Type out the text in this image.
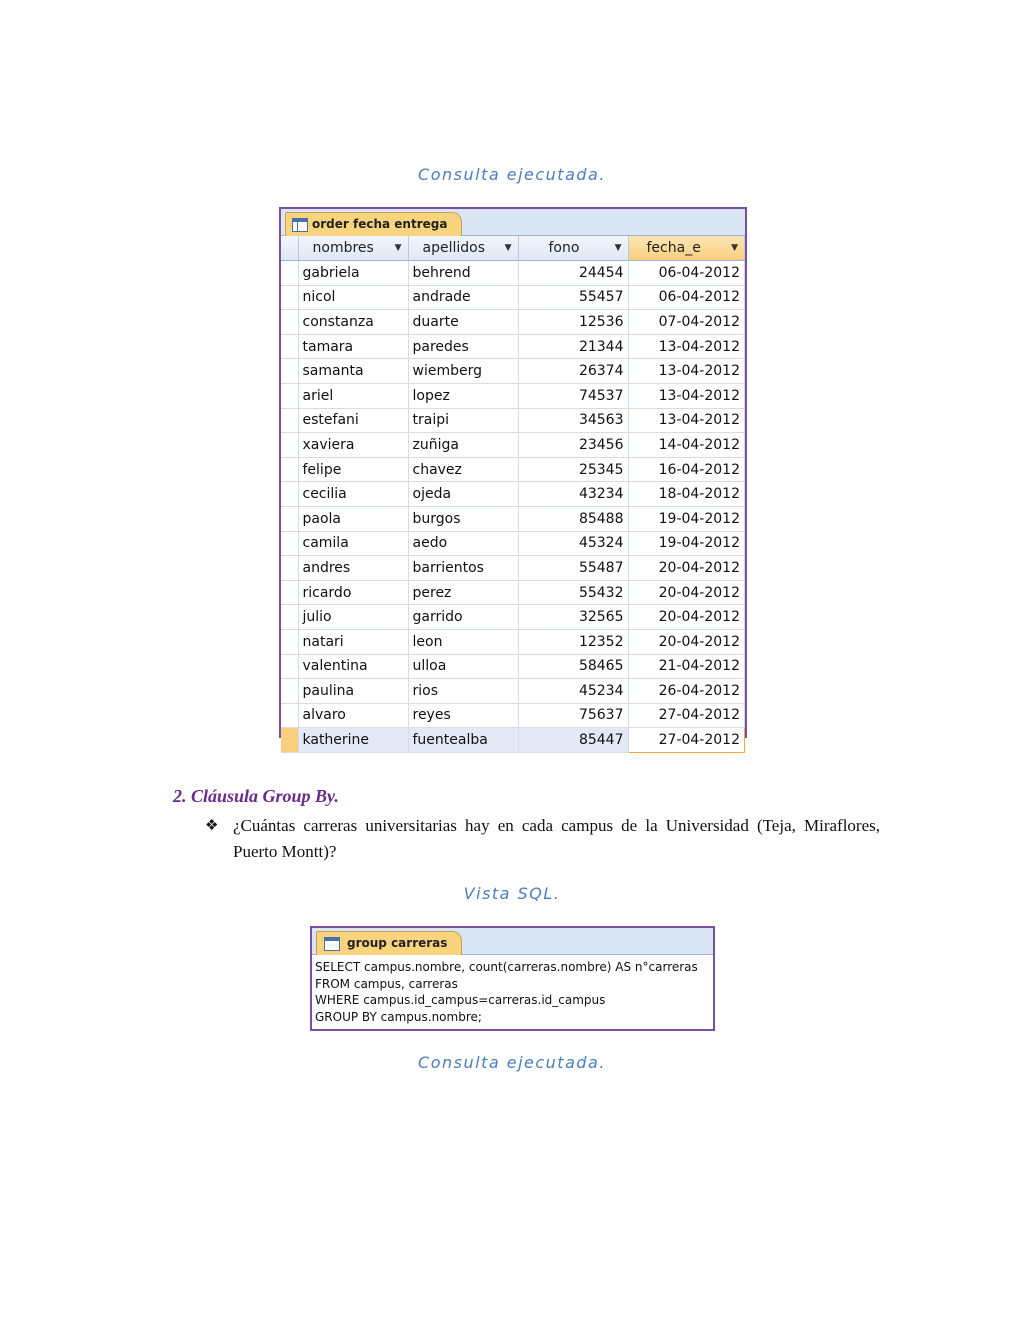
Consulta ejecutada.
order fecha entrega
	nombres ▼	apellidos ▼	fono ▼	fecha_e ▼

	gabriela	behrend	24454	06-04-2012
	nicol	andrade	55457	06-04-2012
	constanza	duarte	12536	07-04-2012
	tamara	paredes	21344	13-04-2012
	samanta	wiemberg	26374	13-04-2012
	ariel	lopez	74537	13-04-2012
	estefani	traipi	34563	13-04-2012
	xaviera	zuñiga	23456	14-04-2012
	felipe	chavez	25345	16-04-2012
	cecilia	ojeda	43234	18-04-2012
	paola	burgos	85488	19-04-2012
	camila	aedo	45324	19-04-2012
	andres	barrientos	55487	20-04-2012
	ricardo	perez	55432	20-04-2012
	julio	garrido	32565	20-04-2012
	natari	leon	12352	20-04-2012
	valentina	ulloa	58465	21-04-2012
	paulina	rios	45234	26-04-2012
	alvaro	reyes	75637	27-04-2012
	katherine	fuentealba	85447	27-04-2012
2. Cláusula Group By.
❖ ¿Cuántas carreras universitarias hay en cada campus de la Universidad (Teja, Miraflores, Puerto Montt)?
Vista SQL.
group carreras
SELECT campus.nombre, count(carreras.nombre) AS n°carreras
FROM campus, carreras
WHERE campus.id_campus=carreras.id_campus
GROUP BY campus.nombre;
Consulta ejecutada.
